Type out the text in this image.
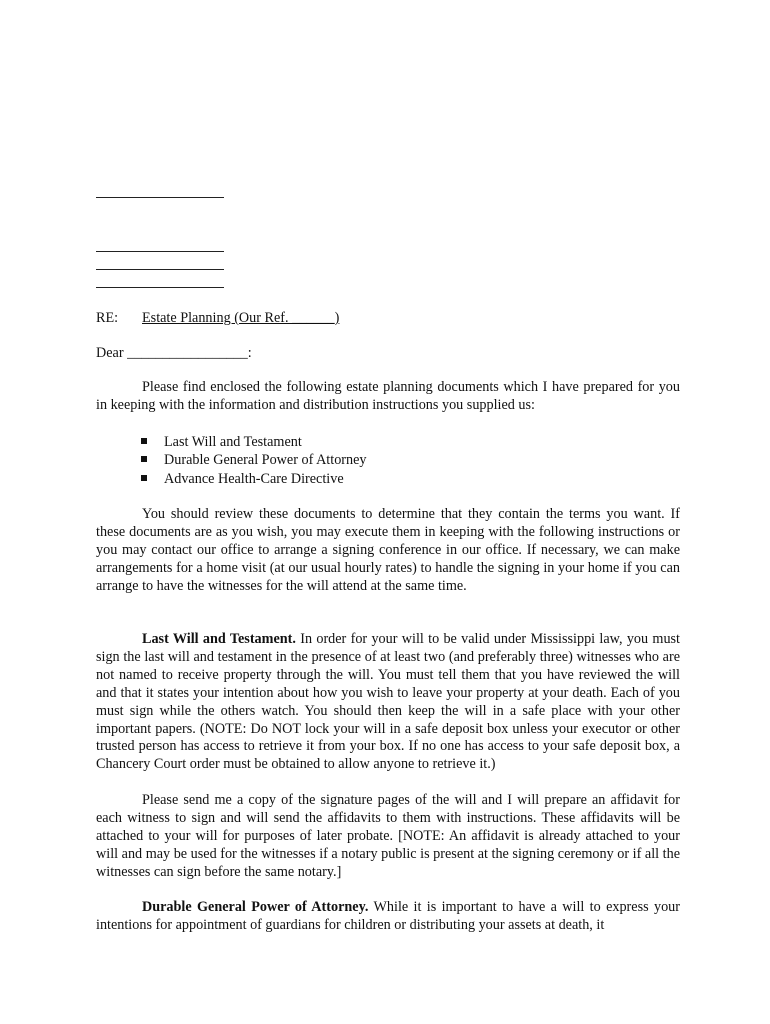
RE: Estate Planning (Our Ref. ______)
Dear _________________:

Please find enclosed the following estate planning documents which I have prepared for you in keeping with the information and distribution instructions you supplied us:

Last Will and Testament
Durable General Power of Attorney
Advance Health-Care Directive

You should review these documents to determine that they contain the terms you want. If these documents are as you wish, you may execute them in keeping with the following instructions or you may contact our office to arrange a signing conference in our office. If necessary, we can make arrangements for a home visit (at our usual hourly rates) to handle the signing in your home if you can arrange to have the witnesses for the will attend at the same time.

Last Will and Testament. In order for your will to be valid under Mississippi law, you must sign the last will and testament in the presence of at least two (and preferably three) witnesses who are not named to receive property through the will. You must tell them that you have reviewed the will and that it states your intention about how you wish to leave your property at your death. Each of you must sign while the others watch. You should then keep the will in a safe place with your other important papers. (NOTE: Do NOT lock your will in a safe deposit box unless your executor or other trusted person has access to retrieve it from your box. If no one has access to your safe deposit box, a Chancery Court order must be obtained to allow anyone to retrieve it.)

Please send me a copy of the signature pages of the will and I will prepare an affidavit for each witness to sign and will send the affidavits to them with instructions. These affidavits will be attached to your will for purposes of later probate. [NOTE: An affidavit is already attached to your will and may be used for the witnesses if a notary public is present at the signing ceremony or if all the witnesses can sign before the same notary.]

Durable General Power of Attorney. While it is important to have a will to express your intentions for appointment of guardians for children or distributing your assets at death, it
